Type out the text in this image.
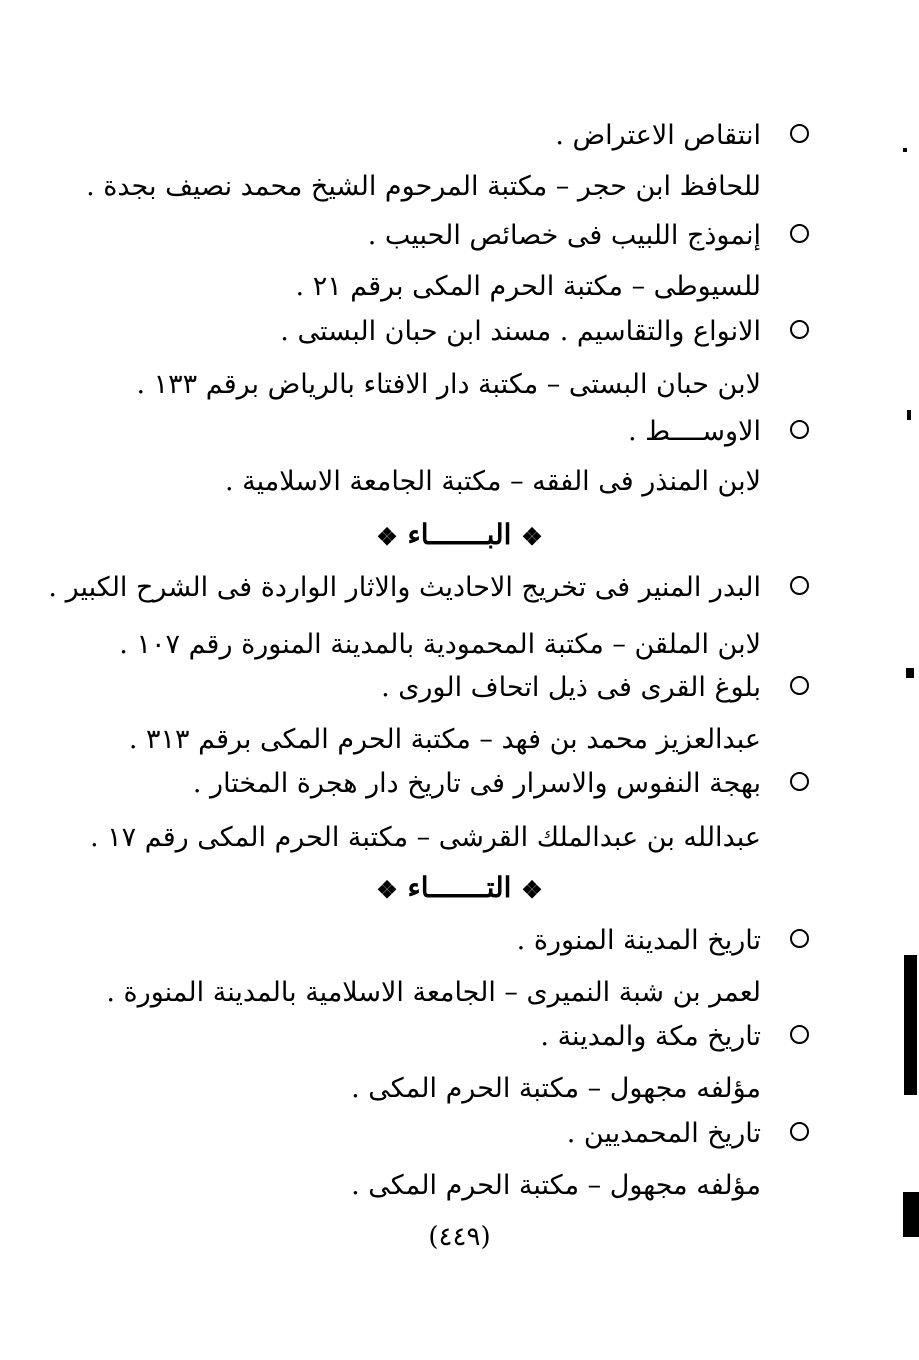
انتقاص الاعتراض .
للحافظ ابن حجر – مكتبة المرحوم الشيخ محمد نصيف بجدة .
إنموذج اللبيب فى خصائص الحبيب .
للسيوطى – مكتبة الحرم المكى برقم ٢١ .
الانواع والتقاسيم . مسند ابن حبان البستى .
لابن حبان البستى – مكتبة دار الافتاء بالرياض برقم ١٣٣ .
الاوســــط .
لابن المنذر فى الفقه – مكتبة الجامعة الاسلامية .
❖ البـــــــاء ❖
البدر المنير فى تخريج الاحاديث والاثار الواردة فى الشرح الكبير .
لابن الملقن – مكتبة المحمودية بالمدينة المنورة رقم ١٠٧ .
بلوغ القرى فى ذيل اتحاف الورى .
عبدالعزيز محمد بن فهد – مكتبة الحرم المكى برقم ٣١٣ .
بهجة النفوس والاسرار فى تاريخ دار هجرة المختار .
عبدالله بن عبدالملك القرشى – مكتبة الحرم المكى رقم ١٧ .
❖ التـــــــاء ❖
تاريخ المدينة المنورة .
لعمر بن شبة النميرى – الجامعة الاسلامية بالمدينة المنورة .
تاريخ مكة والمدينة .
مؤلفه مجهول – مكتبة الحرم المكى .
تاريخ المحمديين .
مؤلفه مجهول – مكتبة الحرم المكى .
(٤٤٩)
